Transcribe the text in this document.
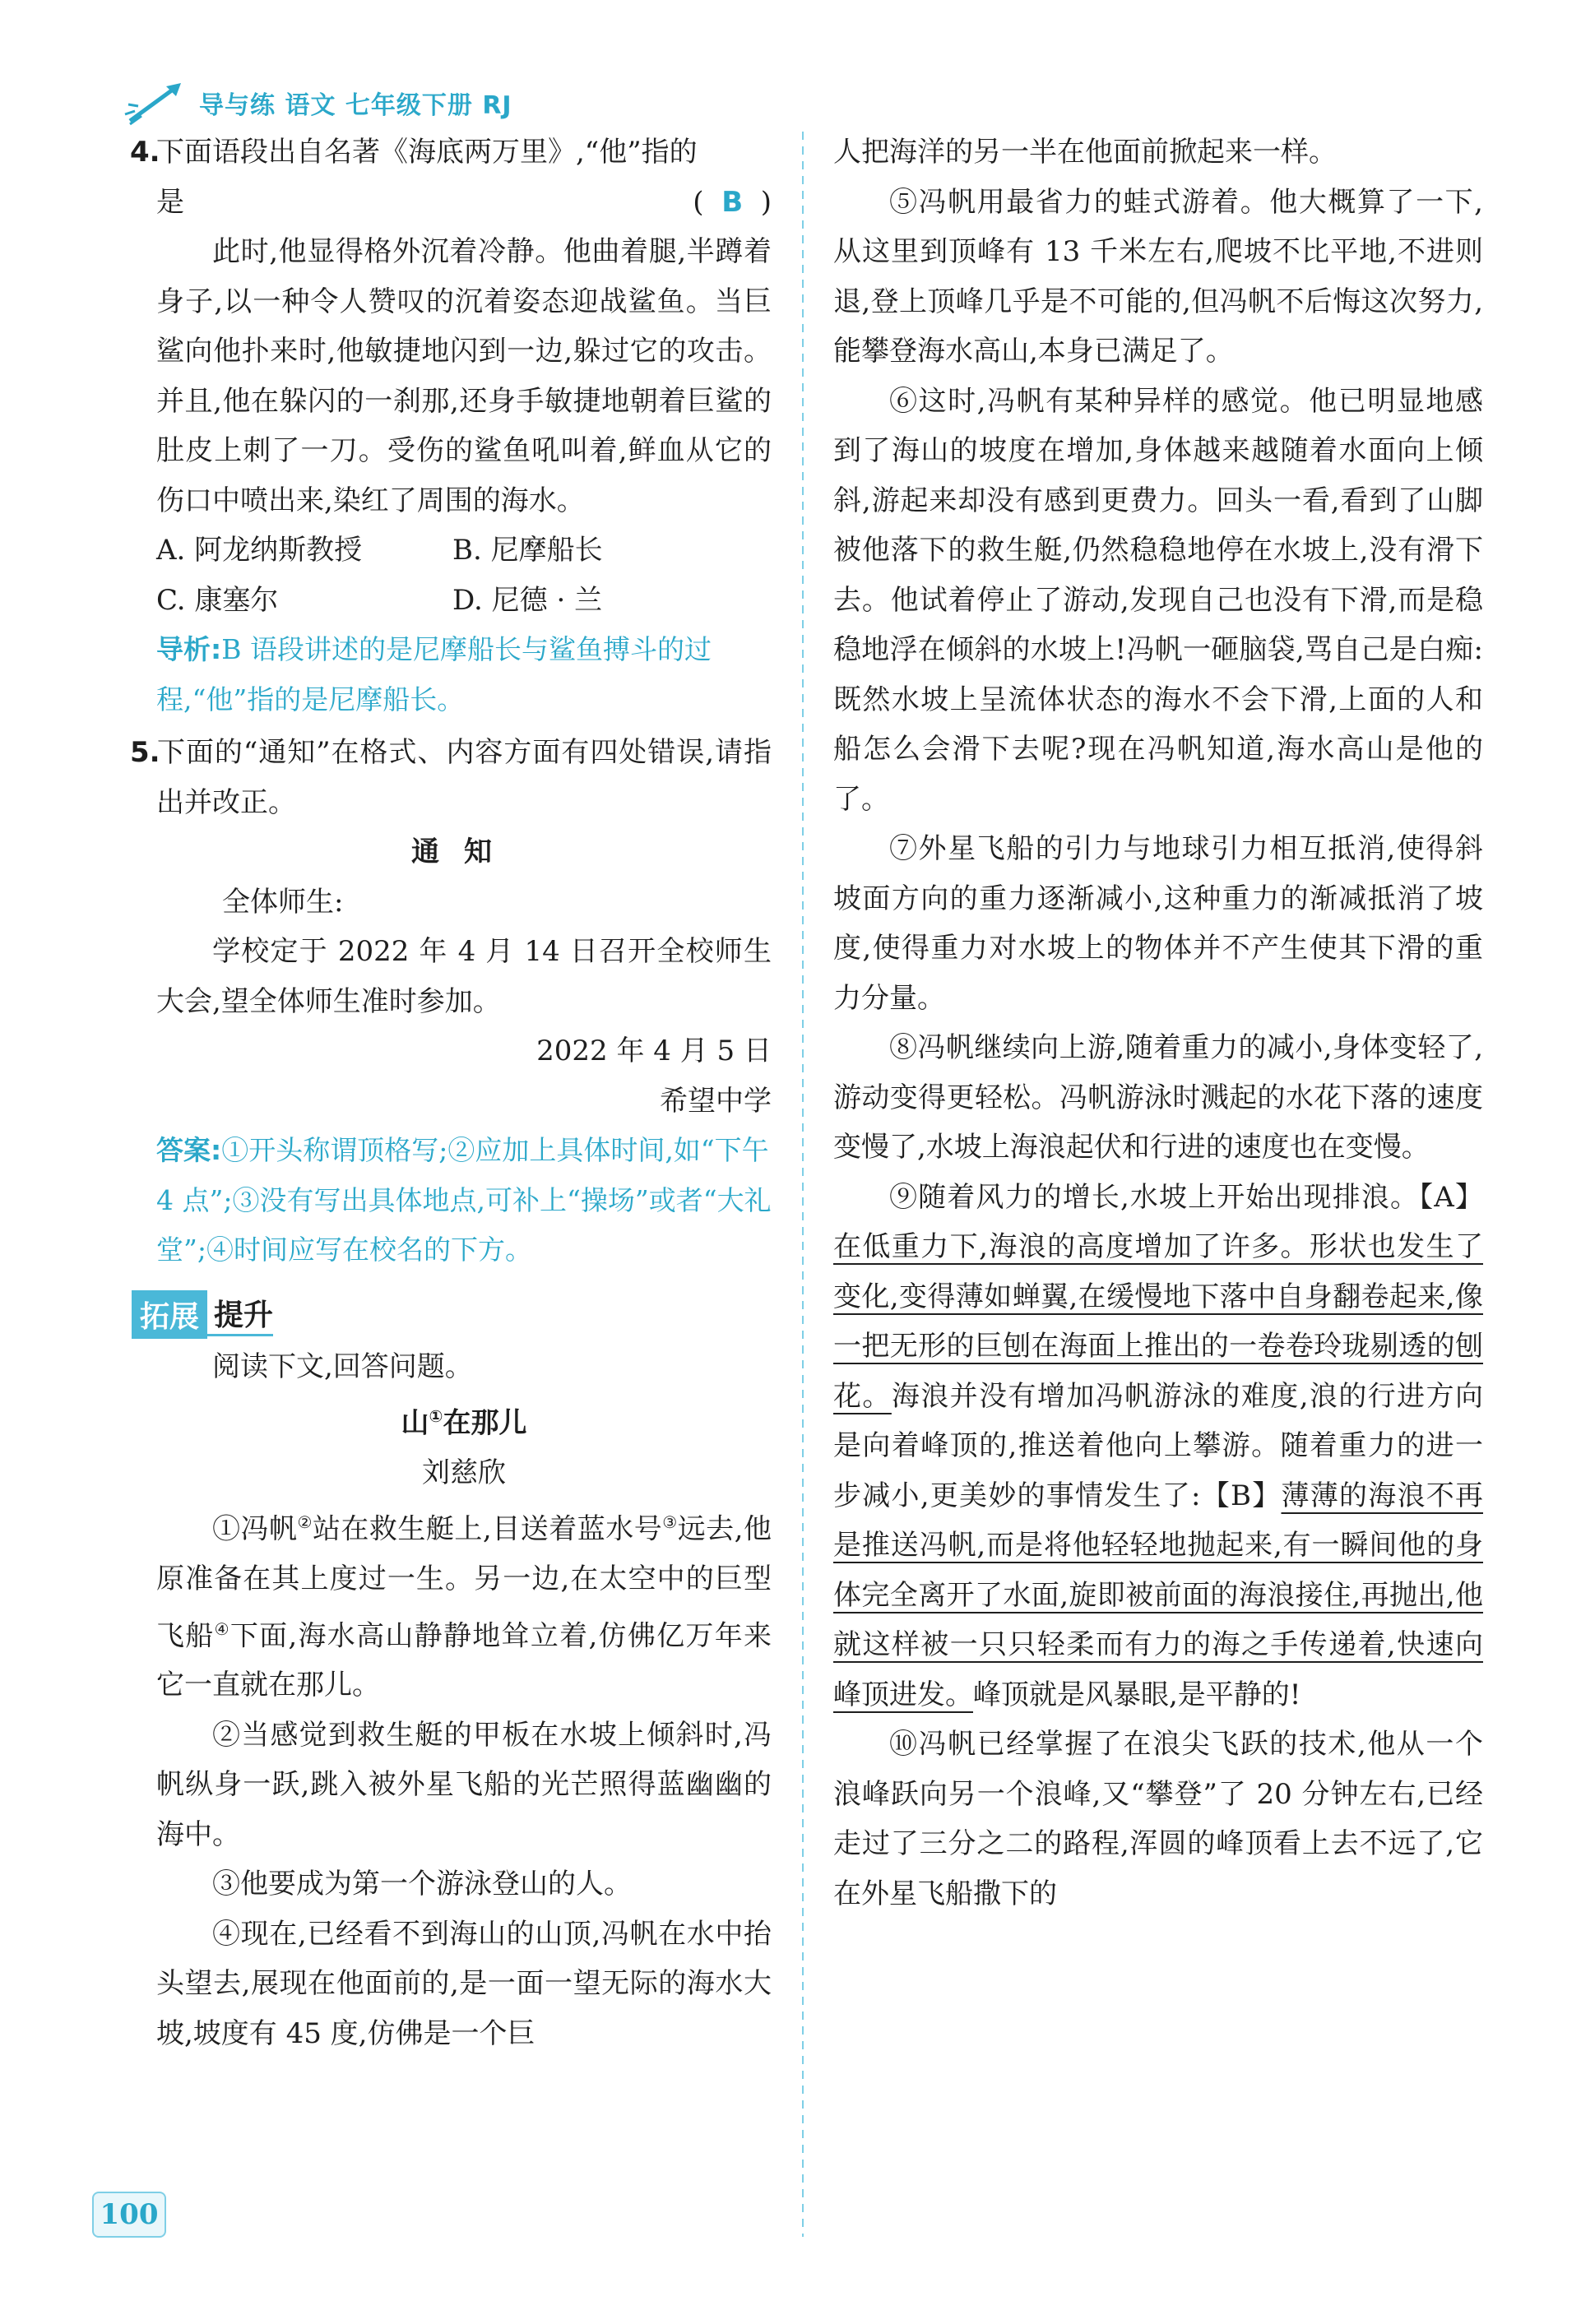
导与练 语文 七年级下册 RJ

4.下面语段出自名著《海底两万里》,“他”指的

是	( B )

此时,他显得格外沉着冷静。他曲着腿,半蹲着身子,以一种令人赞叹的沉着姿态迎战鲨鱼。当巨鲨向他扑来时,他敏捷地闪到一边,躲过它的攻击。并且,他在躲闪的一刹那,还身手敏捷地朝着巨鲨的肚皮上刺了一刀。受伤的鲨鱼吼叫着,鲜血从它的伤口中喷出来,染红了周围的海水。

A. 阿龙纳斯教授	B. 尼摩船长
C. 康塞尔	D. 尼德 · 兰

导析:B 语段讲述的是尼摩船长与鲨鱼搏斗的过程,“他”指的是尼摩船长。

5.下面的“通知”在格式、内容方面有四处错误,请指出并改正。

通知

全体师生:

学校定于 2022 年 4 月 14 日召开全校师生大会,望全体师生准时参加。

2022 年 4 月 5 日

希望中学

答案:①开头称谓顶格写;②应加上具体时间,如“下午 4 点”;③没有写出具体地点,可补上“操场”或者“大礼堂”;④时间应写在校名的下方。

拓展 提升

阅读下文,回答问题。

山①在那儿

刘慈欣

①冯帆②站在救生艇上,目送着蓝水号③远去,他原准备在其上度过一生。另一边,在太空中的巨型飞船④下面,海水高山静静地耸立着,仿佛亿万年来它一直就在那儿。

②当感觉到救生艇的甲板在水坡上倾斜时,冯帆纵身一跃,跳入被外星飞船的光芒照得蓝幽幽的海中。

③他要成为第一个游泳登山的人。

④现在,已经看不到海山的山顶,冯帆在水中抬头望去,展现在他面前的,是一面一望无际的海水大坡,坡度有 45 度,仿佛是一个巨

人把海洋的另一半在他面前掀起来一样。

⑤冯帆用最省力的蛙式游着。他大概算了一下,从这里到顶峰有 13 千米左右,爬坡不比平地,不进则退,登上顶峰几乎是不可能的,但冯帆不后悔这次努力,能攀登海水高山,本身已满足了。

⑥这时,冯帆有某种异样的感觉。他已明显地感到了海山的坡度在增加,身体越来越随着水面向上倾斜,游起来却没有感到更费力。回头一看,看到了山脚被他落下的救生艇,仍然稳稳地停在水坡上,没有滑下去。他试着停止了游动,发现自己也没有下滑,而是稳稳地浮在倾斜的水坡上!冯帆一砸脑袋,骂自己是白痴:既然水坡上呈流体状态的海水不会下滑,上面的人和船怎么会滑下去呢?现在冯帆知道,海水高山是他的了。

⑦外星飞船的引力与地球引力相互抵消,使得斜坡面方向的重力逐渐减小,这种重力的渐减抵消了坡度,使得重力对水坡上的物体并不产生使其下滑的重力分量。

⑧冯帆继续向上游,随着重力的减小,身体变轻了,游动变得更轻松。冯帆游泳时溅起的水花下落的速度变慢了,水坡上海浪起伏和行进的速度也在变慢。

⑨随着风力的增长,水坡上开始出现排浪。【A】在低重力下,海浪的高度增加了许多。形状也发生了变化,变得薄如蝉翼,在缓慢地下落中自身翻卷起来,像一把无形的巨刨在海面上推出的一卷卷玲珑剔透的刨花。海浪并没有增加冯帆游泳的难度,浪的行进方向是向着峰顶的,推送着他向上攀游。随着重力的进一步减小,更美妙的事情发生了:【B】薄薄的海浪不再是推送冯帆,而是将他轻轻地抛起来,有一瞬间他的身体完全离开了水面,旋即被前面的海浪接住,再抛出,他就这样被一只只轻柔而有力的海之手传递着,快速向峰顶进发。峰顶就是风暴眼,是平静的!

⑩冯帆已经掌握了在浪尖飞跃的技术,他从一个浪峰跃向另一个浪峰,又“攀登”了 20 分钟左右,已经走过了三分之二的路程,浑圆的峰顶看上去不远了,它在外星飞船撒下的

100
